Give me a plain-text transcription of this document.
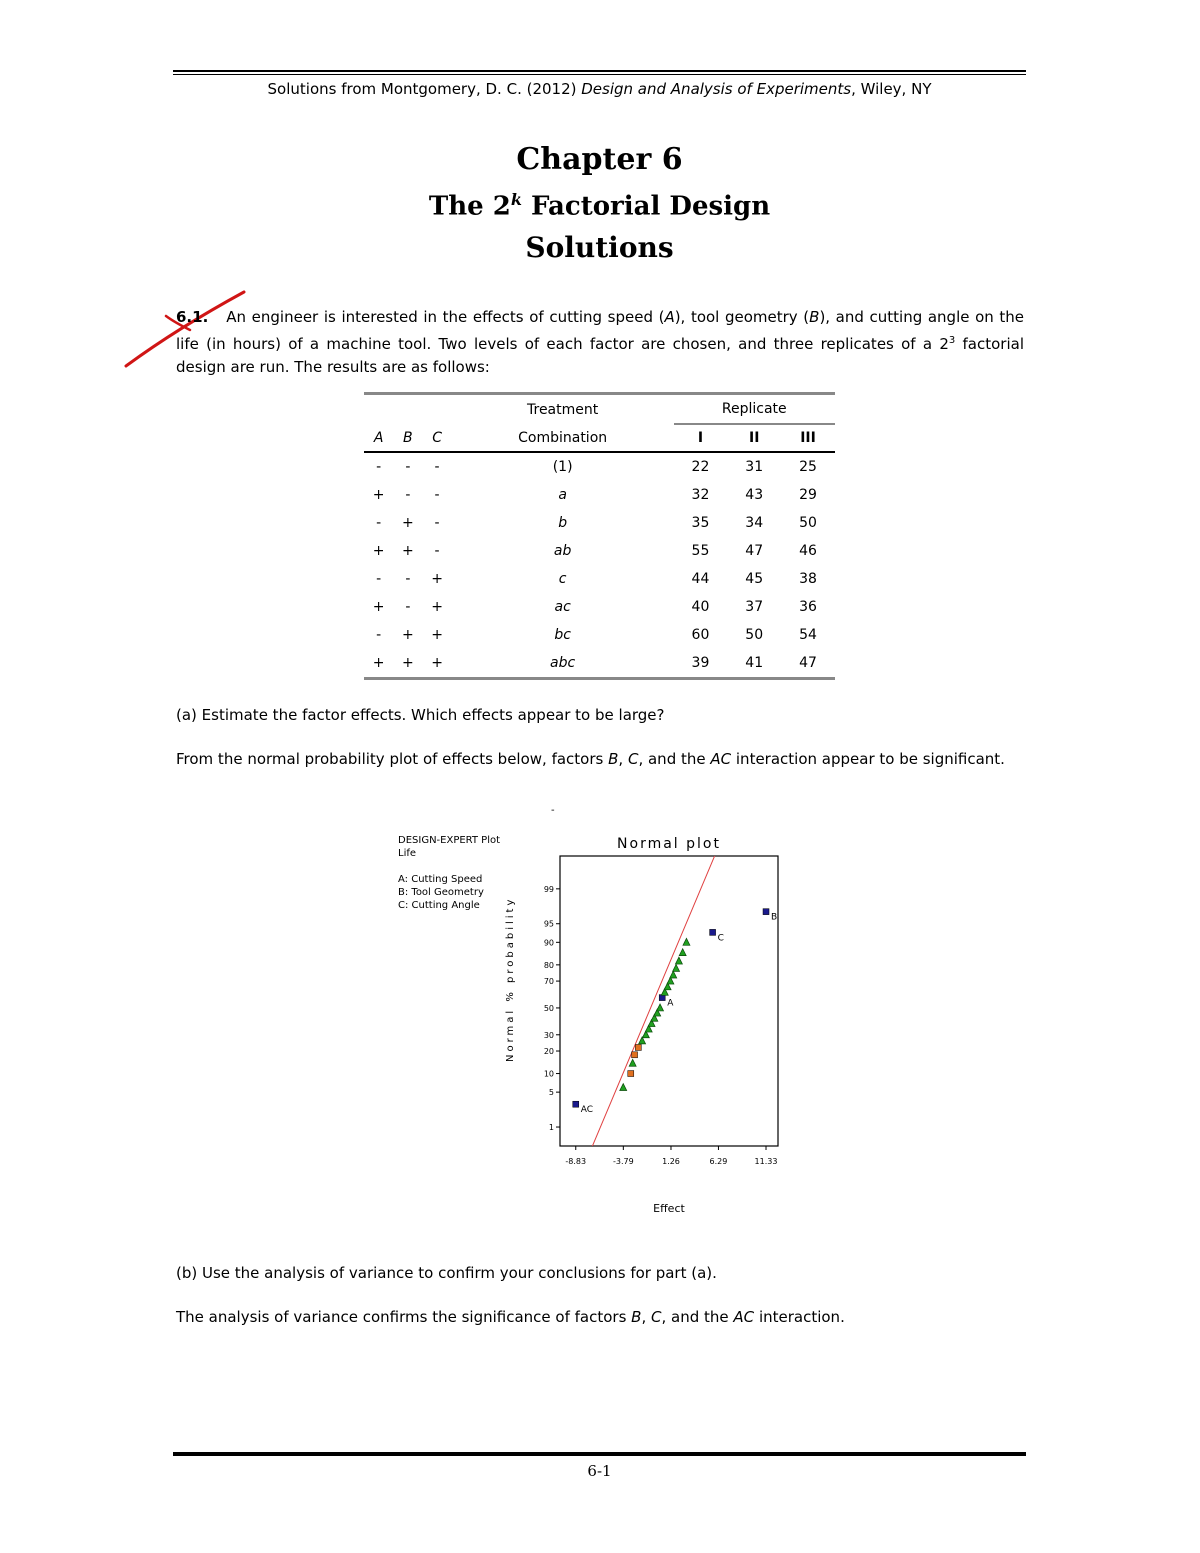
Solutions from Montgomery, D. C. (2012) Design and Analysis of Experiments, Wiley, NY
Chapter 6
The 2$^k$ Factorial Design
Solutions
6.1. An engineer is interested in the effects of cutting speed (A), tool geometry (B), and cutting angle on the life (in hours) of a machine tool. Two levels of each factor are chosen, and three replicates of a $2^3$ factorial design are run. The results are as follows:
			Treatment	Replicate		
A	B	C	Combination	I	II	III
-	-	-	(1)	22	31	25
+	-	-	a	32	43	29
-	+	-	b	35	34	50
+	+	-	ab	55	47	46
-	-	+	c	44	45	38
+	-	+	ac	40	37	36
-	+	+	bc	60	50	54
+	+	+	abc	39	41	47
(a) Estimate the factor effects. Which effects appear to be large?
From the normal probability plot of effects below, factors B, C, and the AC interaction appear to be significant.
-
DESIGN-EXPERT Plot
Life
A: Cutting Speed
B: Tool Geometry
C: Cutting Angle
Normal plot
Normal % probability
Effect
1
5
10
20
30
50
70
80
90
95
99
-8.83	-3.79	1.26	6.29	11.33
AC
A
C
B
(b) Use the analysis of variance to confirm your conclusions for part (a).
The analysis of variance confirms the significance of factors B, C, and the AC interaction.
6-1
